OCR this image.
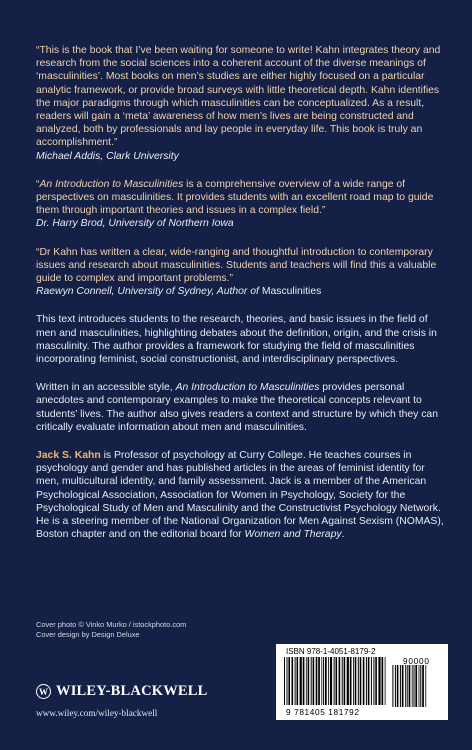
“This is the book that I’ve been waiting for someone to write! Kahn integrates theory and research from the social sciences into a coherent account of the diverse meanings of ‘masculinities’. Most books on men’s studies are either highly focused on a particular analytic framework, or provide broad surveys with little theoretical depth. Kahn identifies the major paradigms through which masculinities can be conceptualized. As a result, readers will gain a ‘meta’ awareness of how men’s lives are being constructed and analyzed, both by professionals and lay people in everyday life. This book is truly an accomplishment.”

Michael Addis, Clark University

“An Introduction to Masculinities is a comprehensive overview of a wide range of perspectives on masculinities. It provides students with an excellent road map to guide them through important theories and issues in a complex field.”

Dr. Harry Brod, University of Northern Iowa

“Dr Kahn has written a clear, wide-ranging and thoughtful introduction to contemporary issues and research about masculinities. Students and teachers will find this a valuable guide to complex and important problems.”

Raewyn Connell, University of Sydney, Author of Masculinities

This text introduces students to the research, theories, and basic issues in the field of men and masculinities, highlighting debates about the definition, origin, and the crisis in masculinity. The author provides a framework for studying the field of masculinities incorporating feminist, social constructionist, and interdisciplinary perspectives.

Written in an accessible style, An Introduction to Masculinities provides personal anecdotes and contemporary examples to make the theoretical concepts relevant to students’ lives. The author also gives readers a context and structure by which they can critically evaluate information about men and masculinities.

Jack S. Kahn is Professor of psychology at Curry College. He teaches courses in psychology and gender and has published articles in the areas of feminist identity for men, multicultural identity, and family assessment. Jack is a member of the American Psychological Association, Association for Women in Psychology, Society for the Psychological Study of Men and Masculinity and the Constructivist Psychology Network. He is a steering member of the National Organization for Men Against Sexism (NOMAS), Boston chapter and on the editorial board for Women and Therapy.

Cover photo © Vinko Murko / istockphoto.com
Cover design by Design Deluxe
W WILEY-BLACKWELL
www.wiley.com/wiley-blackwell
ISBN 978-1-4051-8179-2
9 781405 181792
90000
